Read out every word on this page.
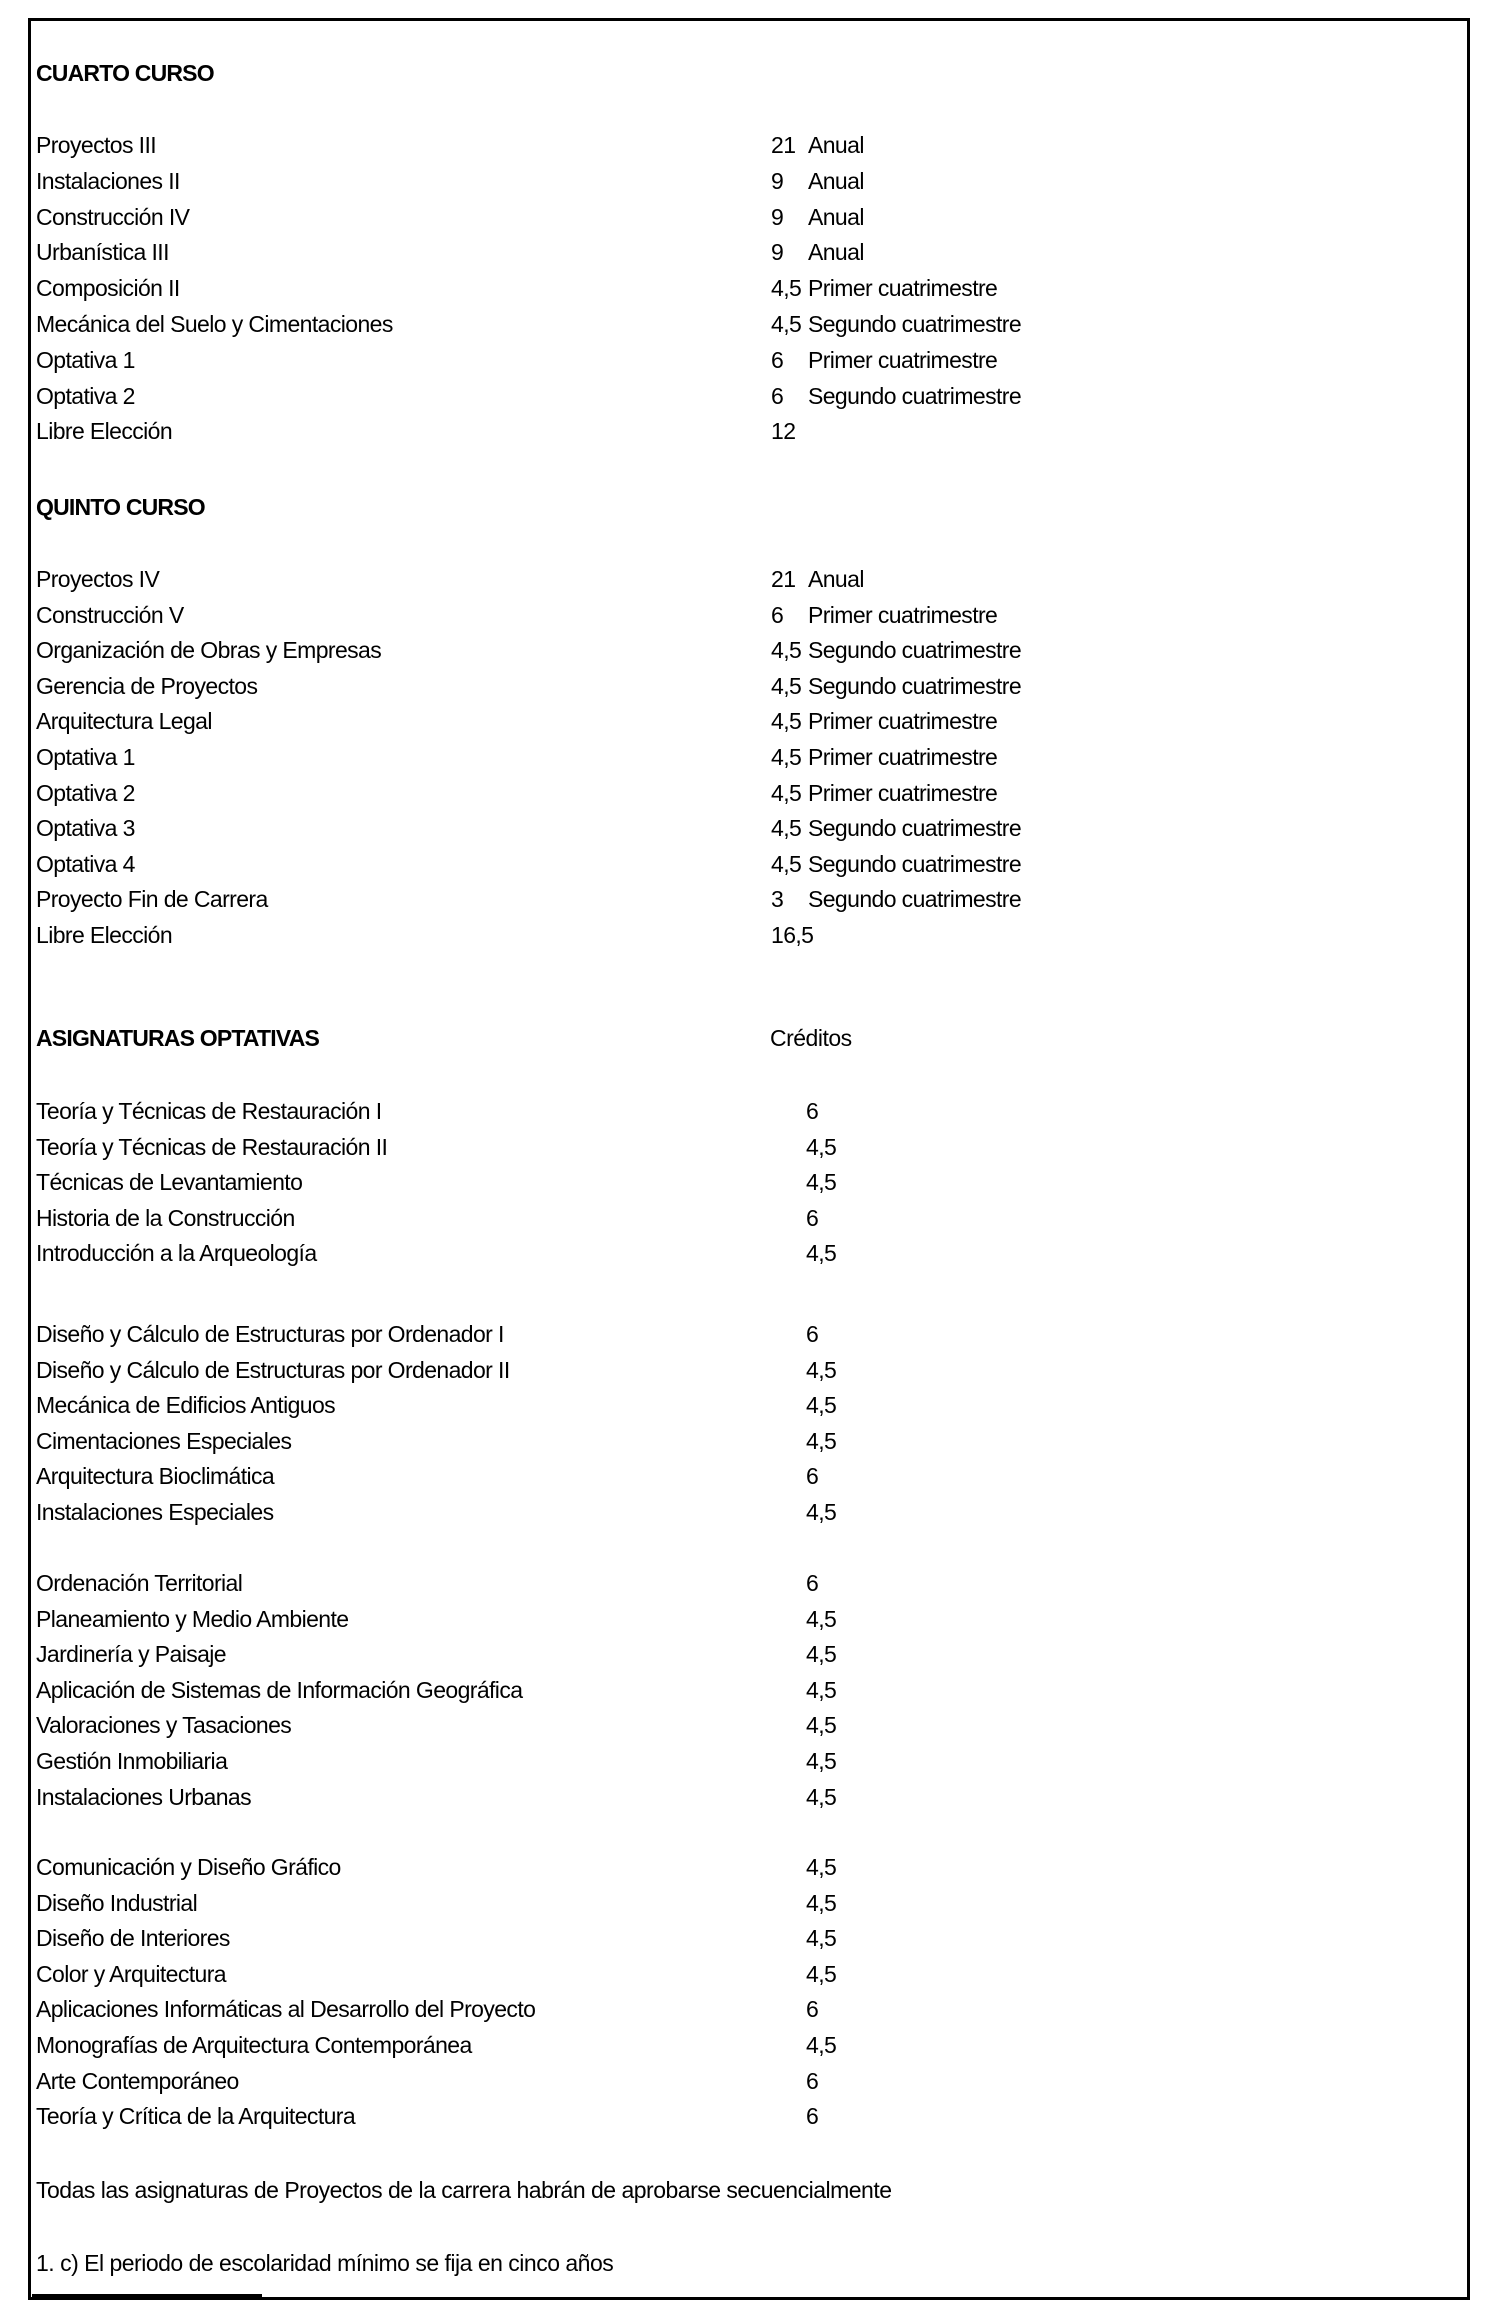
CUARTO CURSO
Proyectos III	21 Anual
Instalaciones II	9 Anual
Construcción IV	9 Anual
Urbanística III	9 Anual
Composición II	4,5 Primer cuatrimestre
Mecánica del Suelo y Cimentaciones	4,5 Segundo cuatrimestre
Optativa 1	6 Primer cuatrimestre
Optativa 2	6 Segundo cuatrimestre
Libre Elección	12
QUINTO CURSO
Proyectos IV	21 Anual
Construcción V	6 Primer cuatrimestre
Organización de Obras y Empresas	4,5 Segundo cuatrimestre
Gerencia de Proyectos	4,5 Segundo cuatrimestre
Arquitectura Legal	4,5 Primer cuatrimestre
Optativa 1	4,5 Primer cuatrimestre
Optativa 2	4,5 Primer cuatrimestre
Optativa 3	4,5 Segundo cuatrimestre
Optativa 4	4,5 Segundo cuatrimestre
Proyecto Fin de Carrera	3 Segundo cuatrimestre
Libre Elección	16,5
ASIGNATURAS OPTATIVAS	Créditos
Teoría y Técnicas de Restauración I	6
Teoría y Técnicas de Restauración II	4,5
Técnicas de Levantamiento	4,5
Historia de la Construcción	6
Introducción a la Arqueología	4,5
Diseño y Cálculo de Estructuras por Ordenador I	6
Diseño y Cálculo de Estructuras por Ordenador II	4,5
Mecánica de Edificios Antiguos	4,5
Cimentaciones Especiales	4,5
Arquitectura Bioclimática	6
Instalaciones Especiales	4,5
Ordenación Territorial	6
Planeamiento y Medio Ambiente	4,5
Jardinería y Paisaje	4,5
Aplicación de Sistemas de Información Geográfica	4,5
Valoraciones y Tasaciones	4,5
Gestión Inmobiliaria	4,5
Instalaciones Urbanas	4,5
Comunicación y Diseño Gráfico	4,5
Diseño Industrial	4,5
Diseño de Interiores	4,5
Color y Arquitectura	4,5
Aplicaciones Informáticas al Desarrollo del Proyecto	6
Monografías de Arquitectura Contemporánea	4,5
Arte Contemporáneo	6
Teoría y Crítica de la Arquitectura	6
Todas las asignaturas de Proyectos de la carrera habrán de aprobarse secuencialmente
1. c) El periodo de escolaridad mínimo se fija en cinco años
